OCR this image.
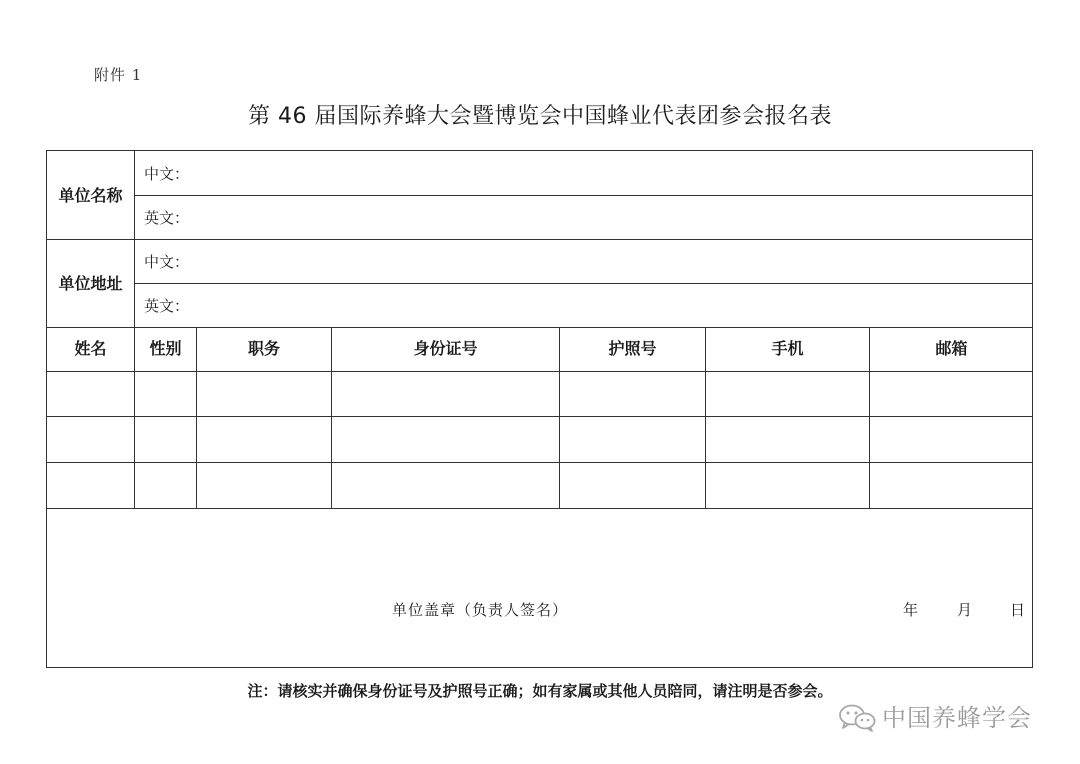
附件 1
第 46 届国际养蜂大会暨博览会中国蜂业代表团参会报名表
单位名称
中文：
英文：
单位地址
中文：
英文：
姓名	性别	职务	身份证号	护照号	手机	邮箱
单位盖章（负责人签名）	年	月	日
注：请核实并确保身份证号及护照号正确；如有家属或其他人员陪同，请注明是否参会。
中国养蜂学会
